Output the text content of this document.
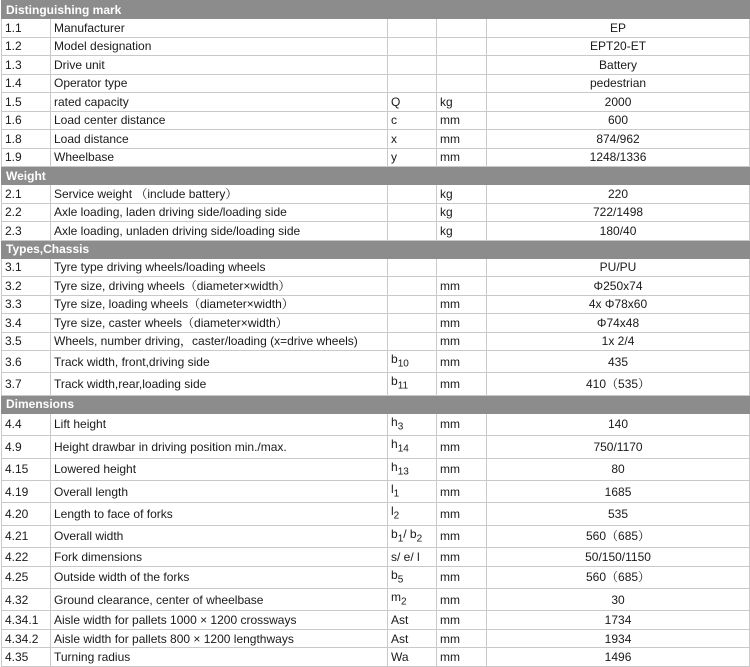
Distinguishing mark				
1.1	Manufacturer			EP
1.2	Model designation			EPT20-ET
1.3	Drive unit			Battery
1.4	Operator type			pedestrian
1.5	rated capacity	Q	kg	2000
1.6	Load center distance	c	mm	600
1.8	Load distance	x	mm	874/962
1.9	Wheelbase	y	mm	1248/1336
Weight				
2.1	Service weight （include battery）		kg	220
2.2	Axle loading, laden driving side/loading side		kg	722/1498
2.3	Axle loading, unladen driving side/loading side		kg	180/40
Types,Chassis				
3.1	Tyre type driving wheels/loading wheels			PU/PU
3.2	Tyre size, driving wheels（diameter×width）		mm	Φ250x74
3.3	Tyre size, loading wheels（diameter×width）		mm	4x Φ78x60
3.4	Tyre size, caster wheels（diameter×width）		mm	Φ74x48
3.5	Wheels, number driving，caster/loading (x=drive wheels)		mm	1x 2/4
3.6	Track width, front,driving side	$b_{10}$	mm	435
3.7	Track width,rear,loading side	$b_{11}$	mm	410（535）
Dimensions				
4.4	Lift height	$h_3$	mm	140
4.9	Height drawbar in driving position min./max.	$h_{14}$	mm	750/1170
4.15	Lowered height	$h_{13}$	mm	80
4.19	Overall length	$l_1$	mm	1685
4.20	Length to face of forks	$l_2$	mm	535
4.21	Overall width	$b_1/$ $b_2$	mm	560（685）
4.22	Fork dimensions	s/ e/ l	mm	50/150/1150
4.25	Outside width of the forks	$b_5$	mm	560（685）
4.32	Ground clearance, center of wheelbase	$m_2$	mm	30
4.34.1	Aisle width for pallets 1000 × 1200 crossways	Ast	mm	1734
4.34.2	Aisle width for pallets 800 × 1200 lengthways	Ast	mm	1934
4.35	Turning radius	Wa	mm	1496
